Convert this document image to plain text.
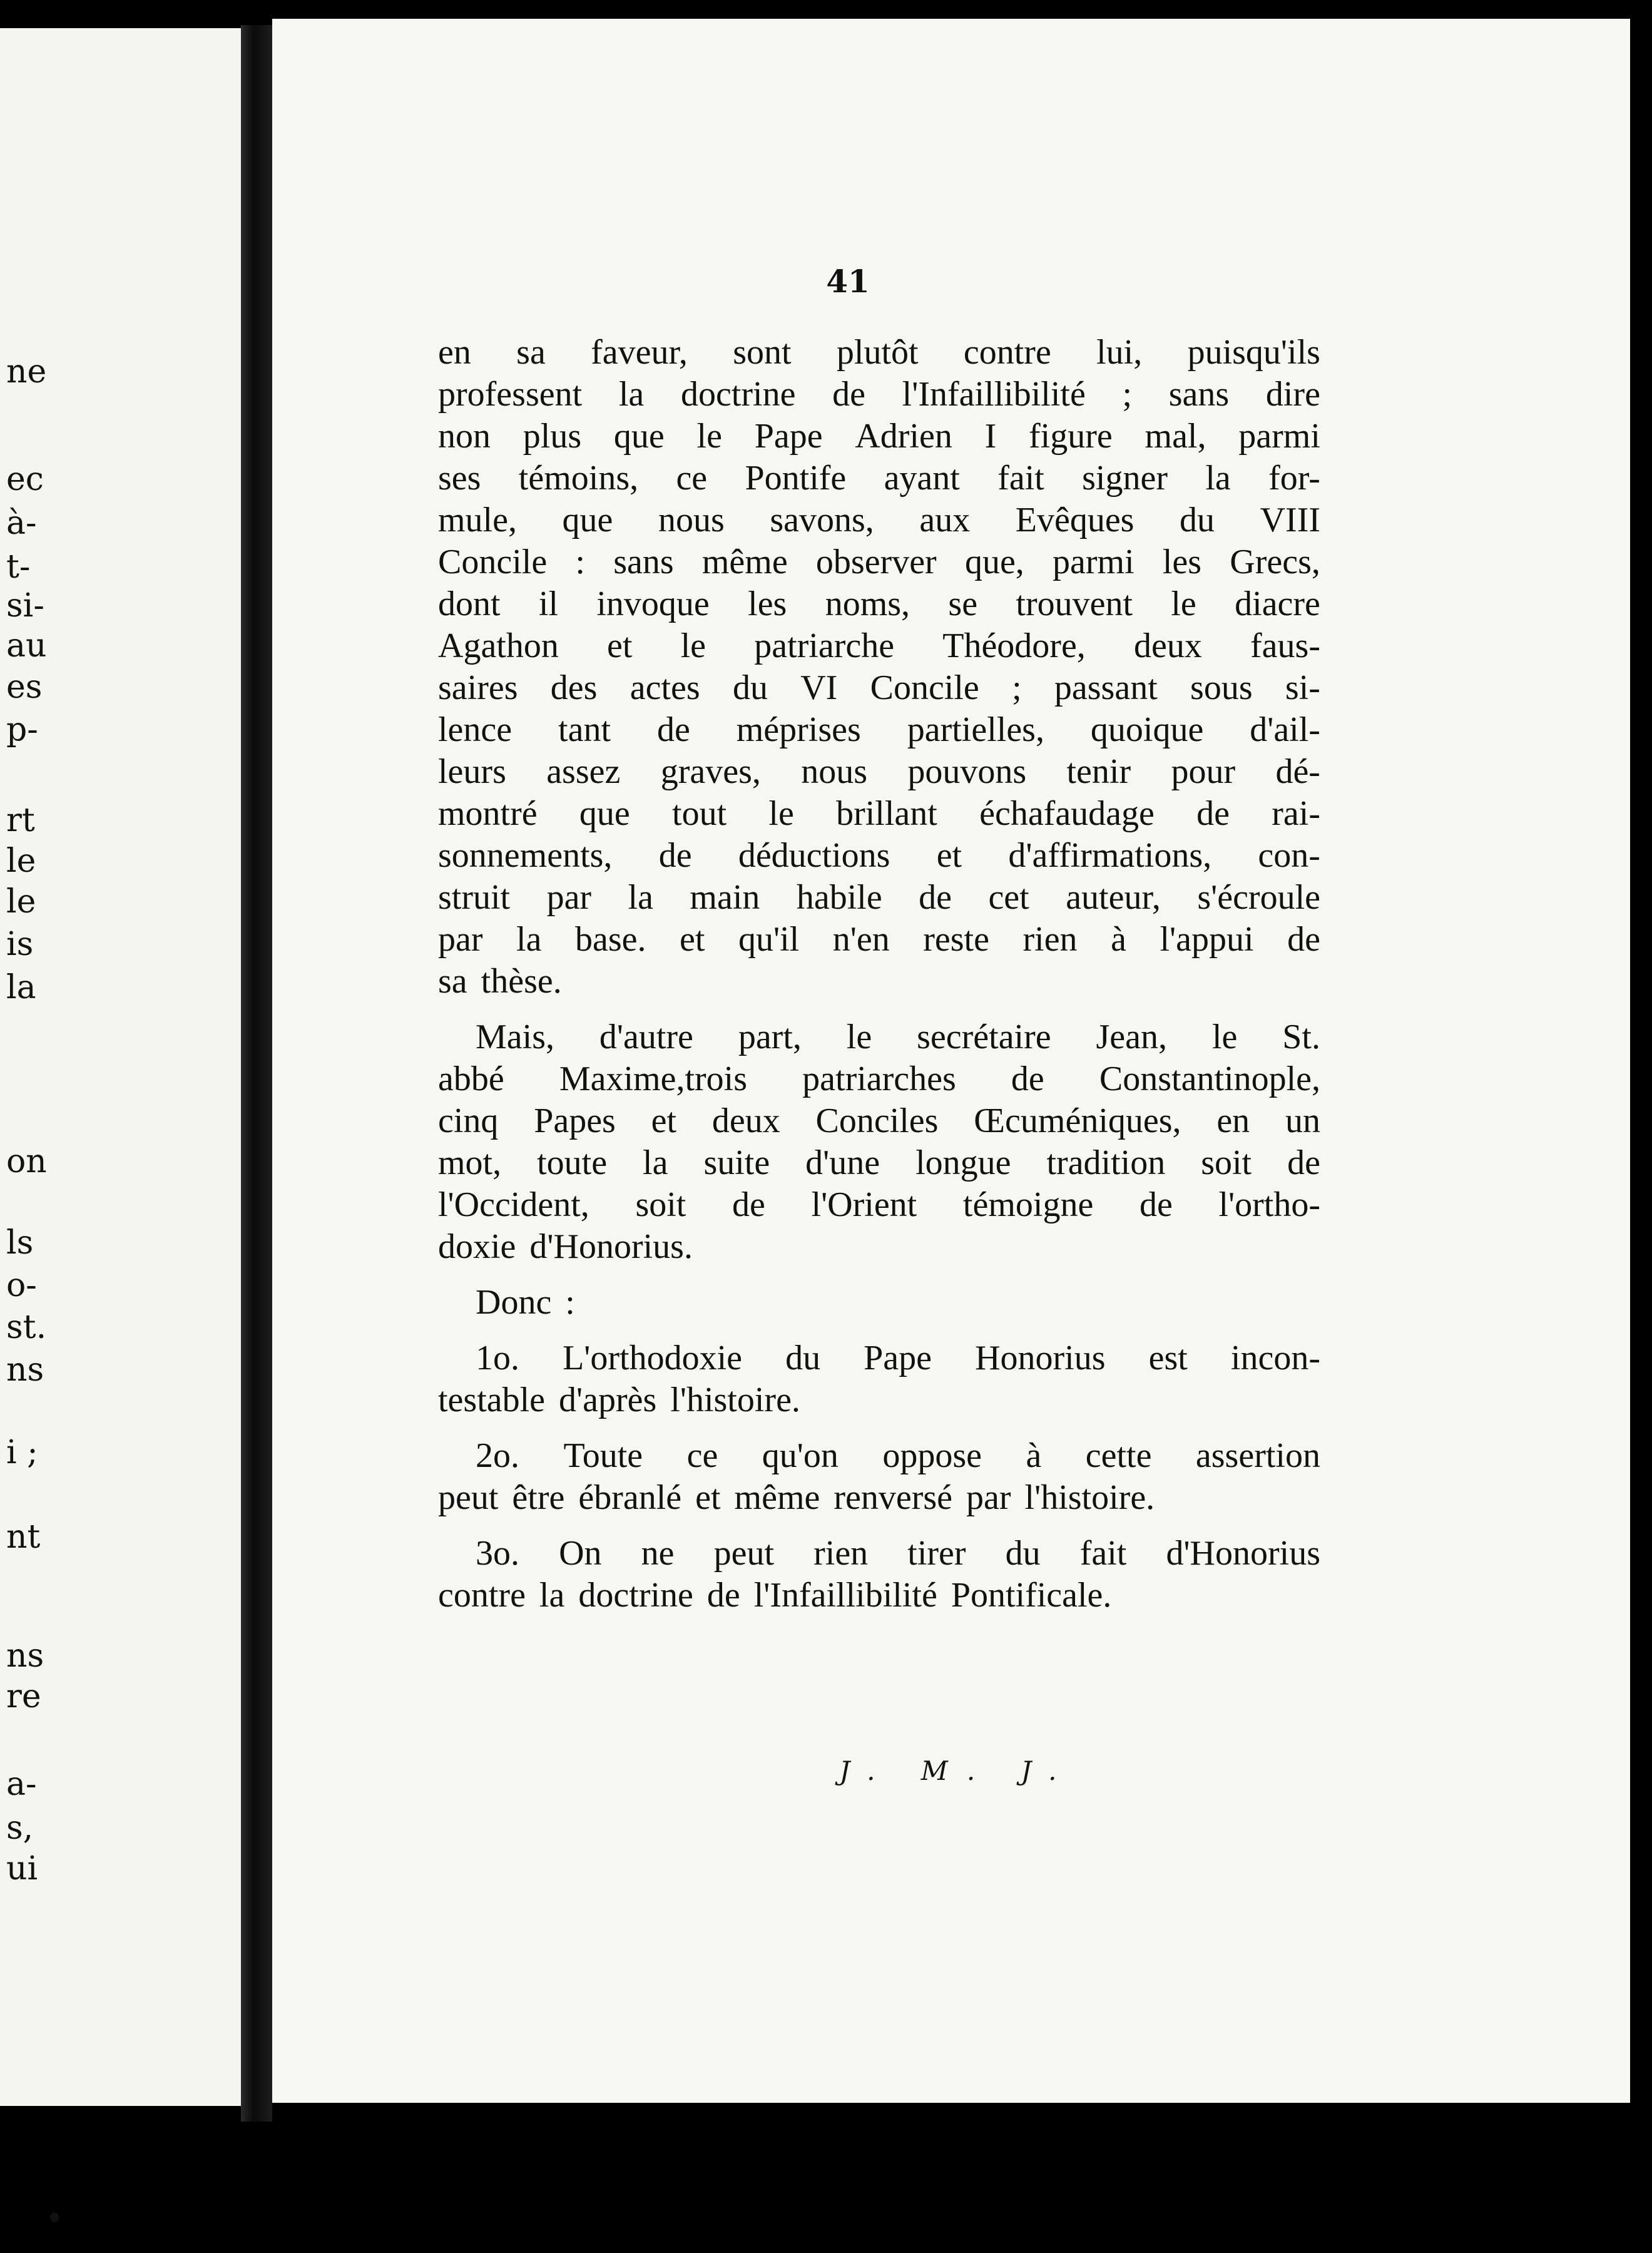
ne
ec
à-
t-
si-
au
es
p-
rt
le
le
is
la
on
ls
o-
st.
ns
i ;
nt
ns
re
a-
s,
ui
41
en sa faveur, sont plutôt contre lui, puisqu'ils
professent la doctrine de l'Infaillibilité ; sans dire
non plus que le Pape Adrien I figure mal, parmi
ses témoins, ce Pontife ayant fait signer la for-
mule, que nous savons, aux Evêques du VIII
Concile : sans même observer que, parmi les Grecs,
dont il invoque les noms, se trouvent le diacre
Agathon et le patriarche Théodore, deux faus-
saires des actes du VI Concile ; passant sous si-
lence tant de méprises partielles, quoique d'ail-
leurs assez graves, nous pouvons tenir pour dé-
montré que tout le brillant échafaudage de rai-
sonnements, de déductions et d'affirmations, con-
struit par la main habile de cet auteur, s'écroule
par la base. et qu'il n'en reste rien à l'appui de
sa thèse.
Mais, d'autre part, le secrétaire Jean, le St.
abbé Maxime,trois patriarches de Constantinople,
cinq Papes et deux Conciles Œcuméniques, en un
mot, toute la suite d'une longue tradition soit de
l'Occident, soit de l'Orient témoigne de l'ortho-
doxie d'Honorius.
Donc :
1o. L'orthodoxie du Pape Honorius est incon-
testable d'après l'histoire.
2o. Toute ce qu'on oppose à cette assertion
peut être ébranlé et même renversé par l'histoire.
3o. On ne peut rien tirer du fait d'Honorius
contre la doctrine de l'Infaillibilité Pontificale.
J. M. J.
